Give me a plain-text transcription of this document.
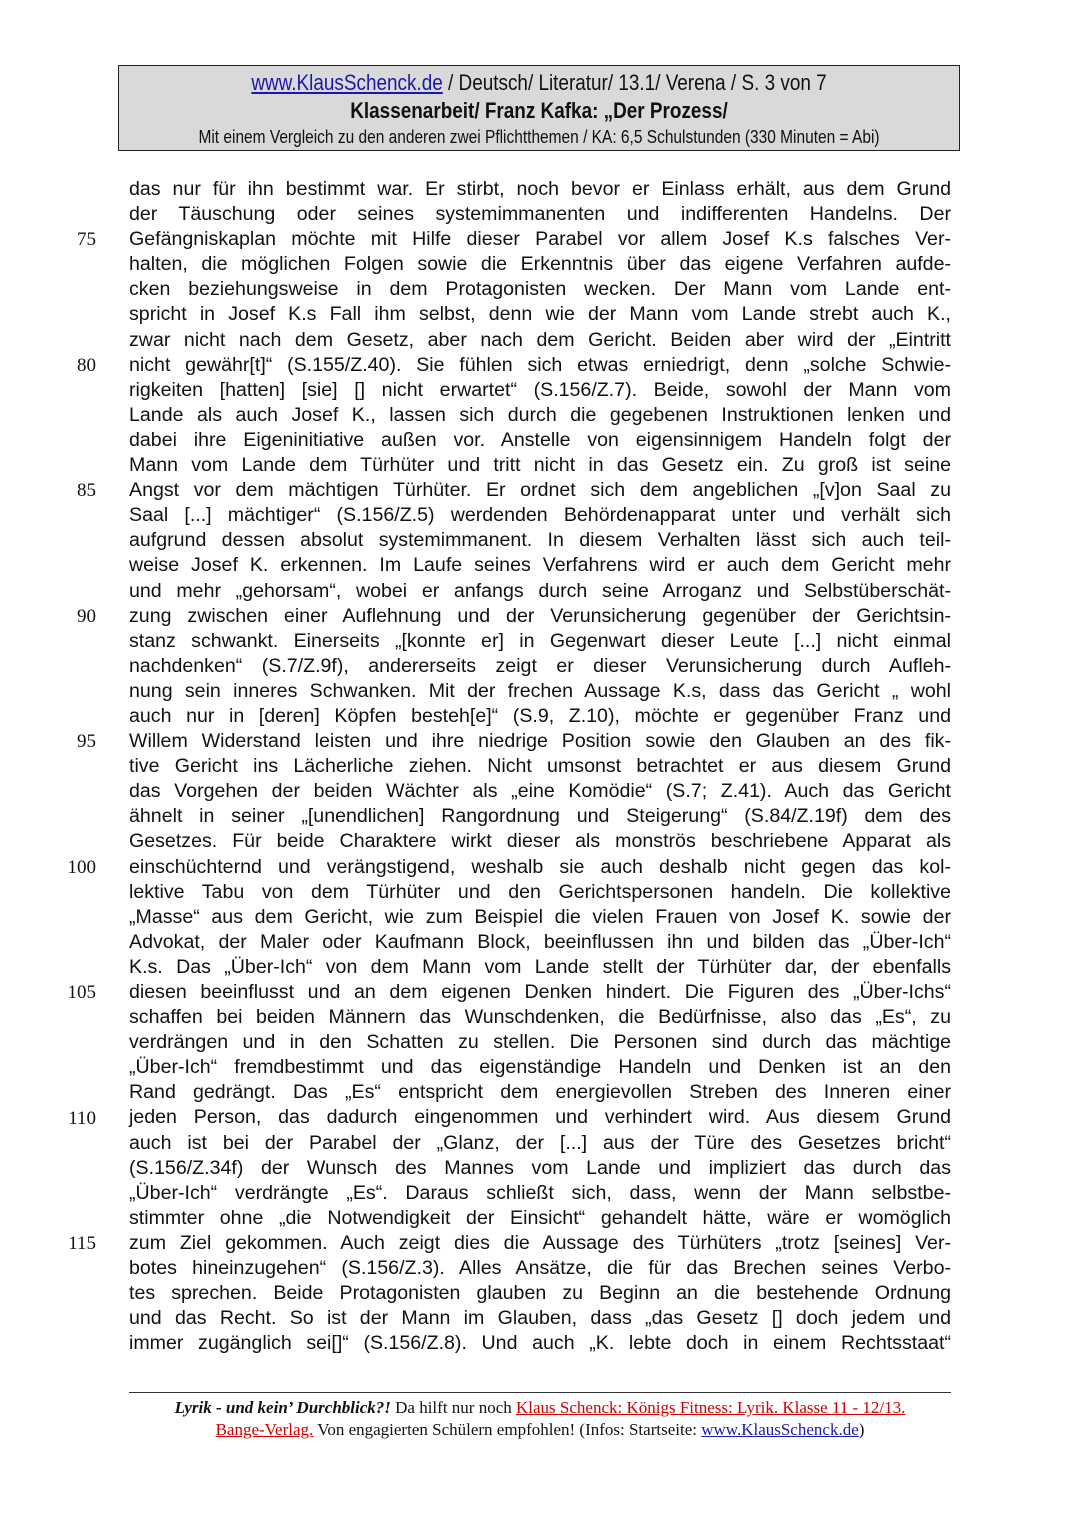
www.KlausSchenck.de / Deutsch/ Literatur/ 13.1/ Verena / S. 3 von 7
Klassenarbeit/ Franz Kafka: „Der Prozess/
Mit einem Vergleich zu den anderen zwei Pflichtthemen / KA: 6,5 Schulstunden (330 Minuten = Abi)
75
80
85
90
95
100
105
110
115
das nur für ihn bestimmt war. Er stirbt, noch bevor er Einlass erhält, aus dem Grund
der Täuschung oder seines systemimmanenten und indifferenten Handelns. Der
Gefängniskaplan möchte mit Hilfe dieser Parabel vor allem Josef K.s falsches Ver-
halten, die möglichen Folgen sowie die Erkenntnis über das eigene Verfahren aufde-
cken beziehungsweise in dem Protagonisten wecken. Der Mann vom Lande ent-
spricht in Josef K.s Fall ihm selbst, denn wie der Mann vom Lande strebt auch K.,
zwar nicht nach dem Gesetz, aber nach dem Gericht. Beiden aber wird der „Eintritt
nicht gewähr[t]“ (S.155/Z.40). Sie fühlen sich etwas erniedrigt, denn „solche Schwie-
rigkeiten [hatten] [sie] [] nicht erwartet“ (S.156/Z.7). Beide, sowohl der Mann vom
Lande als auch Josef K., lassen sich durch die gegebenen Instruktionen lenken und
dabei ihre Eigeninitiative außen vor. Anstelle von eigensinnigem Handeln folgt der
Mann vom Lande dem Türhüter und tritt nicht in das Gesetz ein. Zu groß ist seine
Angst vor dem mächtigen Türhüter. Er ordnet sich dem angeblichen „[v]on Saal zu
Saal [...] mächtiger“ (S.156/Z.5) werdenden Behördenapparat unter und verhält sich
aufgrund dessen absolut systemimmanent. In diesem Verhalten lässt sich auch teil-
weise Josef K. erkennen. Im Laufe seines Verfahrens wird er auch dem Gericht mehr
und mehr „gehorsam“, wobei er anfangs durch seine Arroganz und Selbstüberschät-
zung zwischen einer Auflehnung und der Verunsicherung gegenüber der Gerichtsin-
stanz schwankt. Einerseits „[konnte er] in Gegenwart dieser Leute [...] nicht einmal
nachdenken“ (S.7/Z.9f), andererseits zeigt er dieser Verunsicherung durch Aufleh-
nung sein inneres Schwanken. Mit der frechen Aussage K.s, dass das Gericht „ wohl
auch nur in [deren] Köpfen besteh[e]“ (S.9, Z.10), möchte er gegenüber Franz und
Willem Widerstand leisten und ihre niedrige Position sowie den Glauben an des fik-
tive Gericht ins Lächerliche ziehen. Nicht umsonst betrachtet er aus diesem Grund
das Vorgehen der beiden Wächter als „eine Komödie“ (S.7; Z.41). Auch das Gericht
ähnelt in seiner „[unendlichen] Rangordnung und Steigerung“ (S.84/Z.19f) dem des
Gesetzes. Für beide Charaktere wirkt dieser als monströs beschriebene Apparat als
einschüchternd und verängstigend, weshalb sie auch deshalb nicht gegen das kol-
lektive Tabu von dem Türhüter und den Gerichtspersonen handeln. Die kollektive
„Masse“ aus dem Gericht, wie zum Beispiel die vielen Frauen von Josef K. sowie der
Advokat, der Maler oder Kaufmann Block, beeinflussen ihn und bilden das „Über-Ich“
K.s. Das „Über-Ich“ von dem Mann vom Lande stellt der Türhüter dar, der ebenfalls
diesen beeinflusst und an dem eigenen Denken hindert. Die Figuren des „Über-Ichs“
schaffen bei beiden Männern das Wunschdenken, die Bedürfnisse, also das „Es“, zu
verdrängen und in den Schatten zu stellen. Die Personen sind durch das mächtige
„Über-Ich“ fremdbestimmt und das eigenständige Handeln und Denken ist an den
Rand gedrängt. Das „Es“ entspricht dem energievollen Streben des Inneren einer
jeden Person, das dadurch eingenommen und verhindert wird. Aus diesem Grund
auch ist bei der Parabel der „Glanz, der [...] aus der Türe des Gesetzes bricht“
(S.156/Z.34f) der Wunsch des Mannes vom Lande und impliziert das durch das
„Über-Ich“ verdrängte „Es“. Daraus schließt sich, dass, wenn der Mann selbstbe-
stimmter ohne „die Notwendigkeit der Einsicht“ gehandelt hätte, wäre er womöglich
zum Ziel gekommen. Auch zeigt dies die Aussage des Türhüters „trotz [seines] Ver-
botes hineinzugehen“ (S.156/Z.3). Alles Ansätze, die für das Brechen seines Verbo-
tes sprechen. Beide Protagonisten glauben zu Beginn an die bestehende Ordnung
und das Recht. So ist der Mann im Glauben, dass „das Gesetz [] doch jedem und
immer zugänglich sei[]“ (S.156/Z.8). Und auch „K. lebte doch in einem Rechtsstaat“
Lyrik - und kein’ Durchblick?! Da hilft nur noch Klaus Schenck: Königs Fitness: Lyrik. Klasse 11 - 12/13.
Bange-Verlag. Von engagierten Schülern empfohlen! (Infos: Startseite: www.KlausSchenck.de)
